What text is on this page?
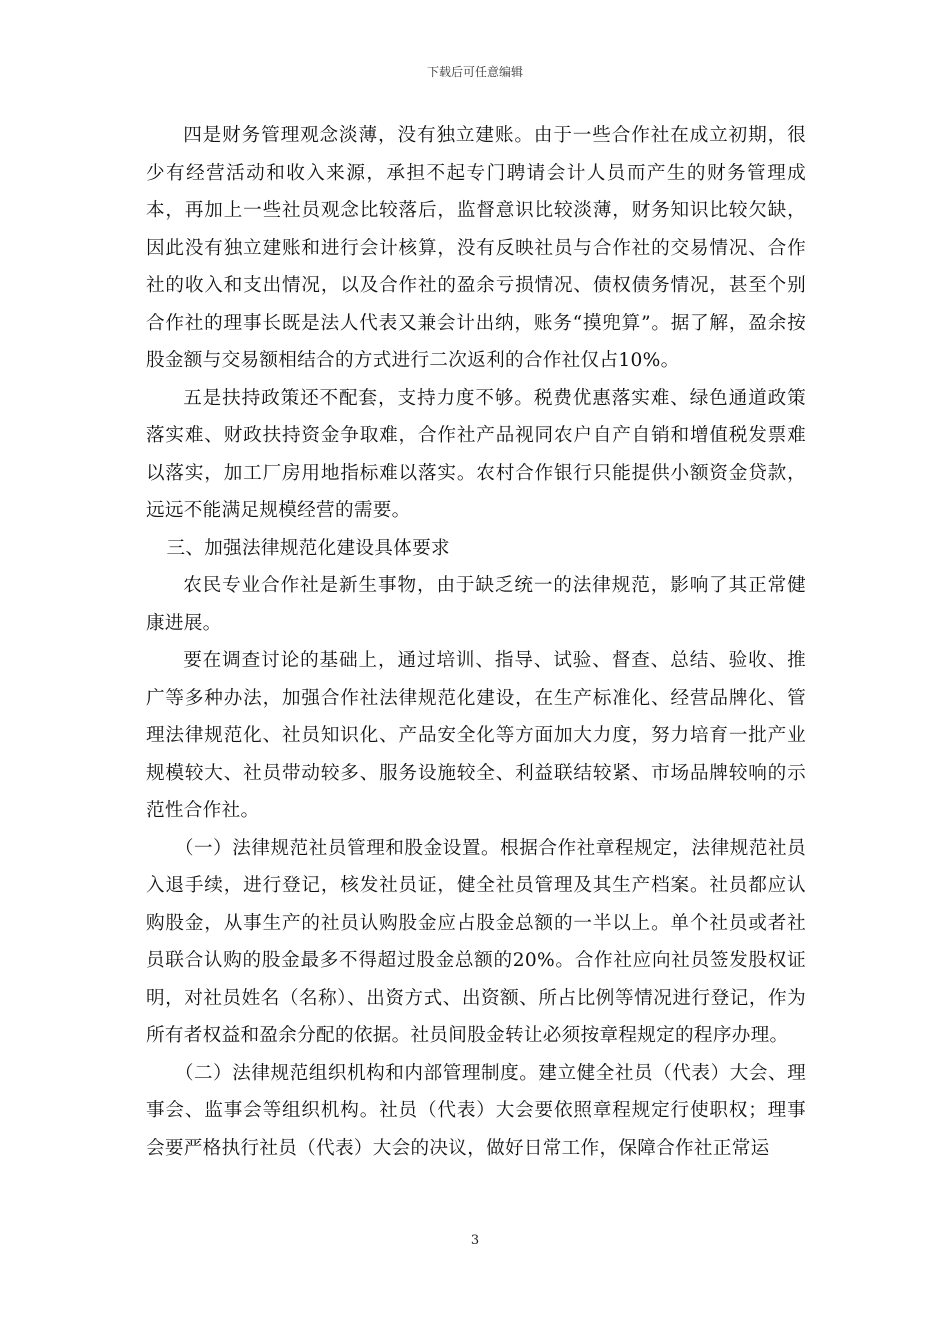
下载后可任意编辑

四是财务管理观念淡薄，没有独立建账。由于一些合作社在成立初期，很少有经营活动和收入来源，承担不起专门聘请会计人员而产生的财务管理成本，再加上一些社员观念比较落后，监督意识比较淡薄，财务知识比较欠缺，因此没有独立建账和进行会计核算，没有反映社员与合作社的交易情况、合作社的收入和支出情况，以及合作社的盈余亏损情况、债权债务情况，甚至个别合作社的理事长既是法人代表又兼会计出纳，账务“摸兜算”。据了解，盈余按股金额与交易额相结合的方式进行二次返利的合作社仅占10%。

五是扶持政策还不配套，支持力度不够。税费优惠落实难、绿色通道政策落实难、财政扶持资金争取难，合作社产品视同农户自产自销和增值税发票难以落实，加工厂房用地指标难以落实。农村合作银行只能提供小额资金贷款，远远不能满足规模经营的需要。

三、加强法律规范化建设具体要求

农民专业合作社是新生事物，由于缺乏统一的法律规范，影响了其正常健康进展。

要在调查讨论的基础上，通过培训、指导、试验、督查、总结、验收、推广等多种办法，加强合作社法律规范化建设，在生产标准化、经营品牌化、管理法律规范化、社员知识化、产品安全化等方面加大力度，努力培育一批产业规模较大、社员带动较多、服务设施较全、利益联结较紧、市场品牌较响的示范性合作社。

（一）法律规范社员管理和股金设置。根据合作社章程规定，法律规范社员入退手续，进行登记，核发社员证，健全社员管理及其生产档案。社员都应认购股金，从事生产的社员认购股金应占股金总额的一半以上。单个社员或者社员联合认购的股金最多不得超过股金总额的20%。合作社应向社员签发股权证明，对社员姓名（名称）、出资方式、出资额、所占比例等情况进行登记，作为所有者权益和盈余分配的依据。社员间股金转让必须按章程规定的程序办理。

（二）法律规范组织机构和内部管理制度。建立健全社员（代表）大会、理事会、监事会等组织机构。社员（代表）大会要依照章程规定行使职权；理事会要严格执行社员（代表）大会的决议，做好日常工作，保障合作社正常运

3
